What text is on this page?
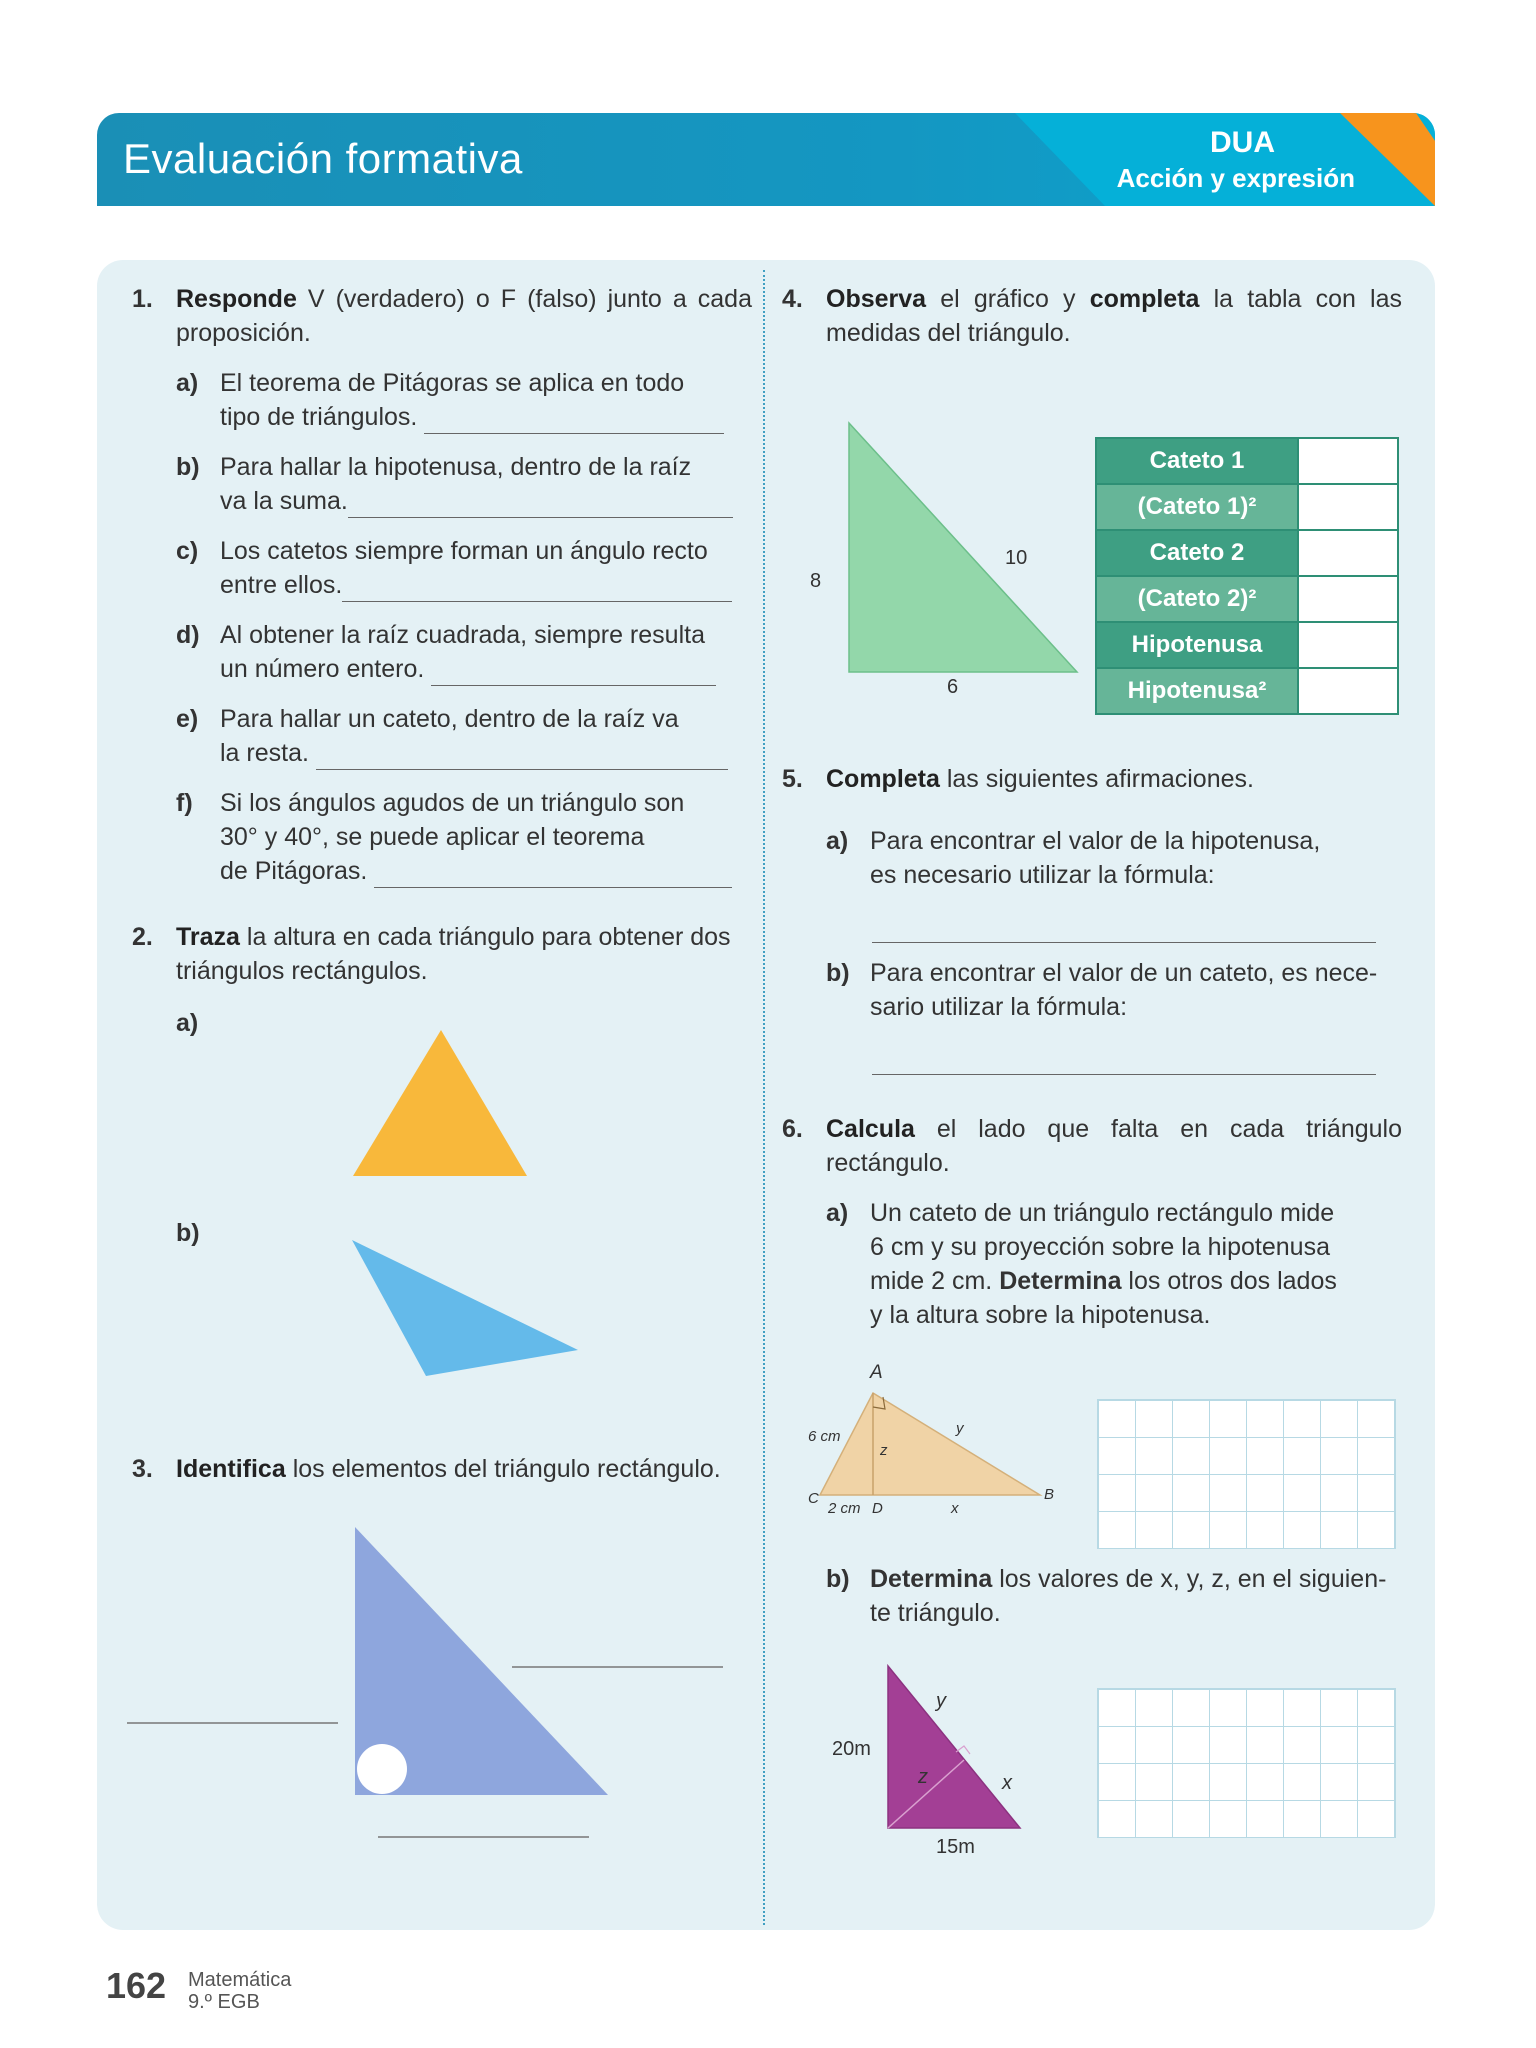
Evaluación formativa	DUA
Acción y expresión
1. Responde V (verdadero) o F (falso) junto a cada proposición.
a) El teorema de Pitágoras se aplica en todo
tipo de triángulos.
b) Para hallar la hipotenusa, dentro de la raíz
va la suma.
c) Los catetos siempre forman un ángulo recto
entre ellos.
d) Al obtener la raíz cuadrada, siempre resulta
un número entero.
e) Para hallar un cateto, dentro de la raíz va
la resta.
f) Si los ángulos agudos de un triángulo son
30° y 40°, se puede aplicar el teorema
de Pitágoras.
2. Traza la altura en cada triángulo para obtener dos triángulos rectángulos.
a)
b)
3. Identifica los elementos del triángulo rectángulo.
4. Observa el gráfico y completa la tabla con las medidas del triángulo.
8
10
6
Cateto 1	
(Cateto 1)²	
Cateto 2	
(Cateto 2)²	
Hipotenusa	
Hipotenusa²	
5. Completa las siguientes afirmaciones.
a) Para encontrar el valor de la hipotenusa,
es necesario utilizar la fórmula:
b) Para encontrar el valor de un cateto, es nece-
sario utilizar la fórmula:
6. Calcula el lado que falta en cada triángulo rectángulo.
a) Un cateto de un triángulo rectángulo mide
6 cm y su proyección sobre la hipotenusa
mide 2 cm. Determina los otros dos lados
y la altura sobre la hipotenusa.
A
6 cm	y
z
C
2 cm D	x
B
b) Determina los valores de x, y, z, en el siguien-
te triángulo.
y
20m
z	x
15m
162 Matemática
9.º EGB
